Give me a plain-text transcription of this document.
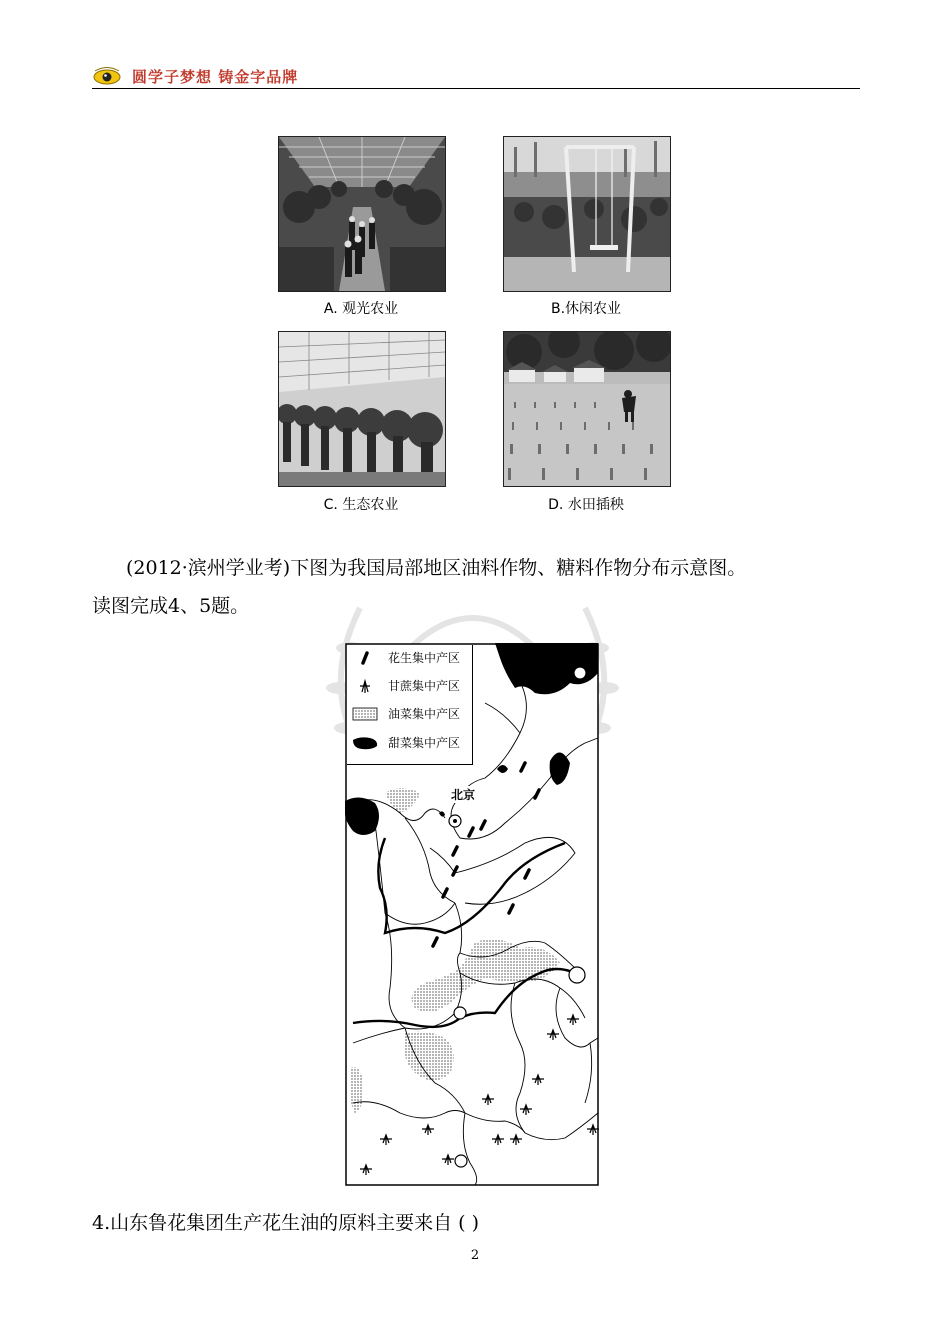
圆学子梦想 铸金字品牌
A. 观光农业	B.休闲农业
C. 生态农业	D. 水田插秧
(2012·滨州学业考)下图为我国局部地区油料作物、糖料作物分布示意图。
读图完成4、5题。
花生集中产区
甘蔗集中产区
油菜集中产区
甜菜集中产区
北京
4.山东鲁花集团生产花生油的原料主要来自 ( )
2
